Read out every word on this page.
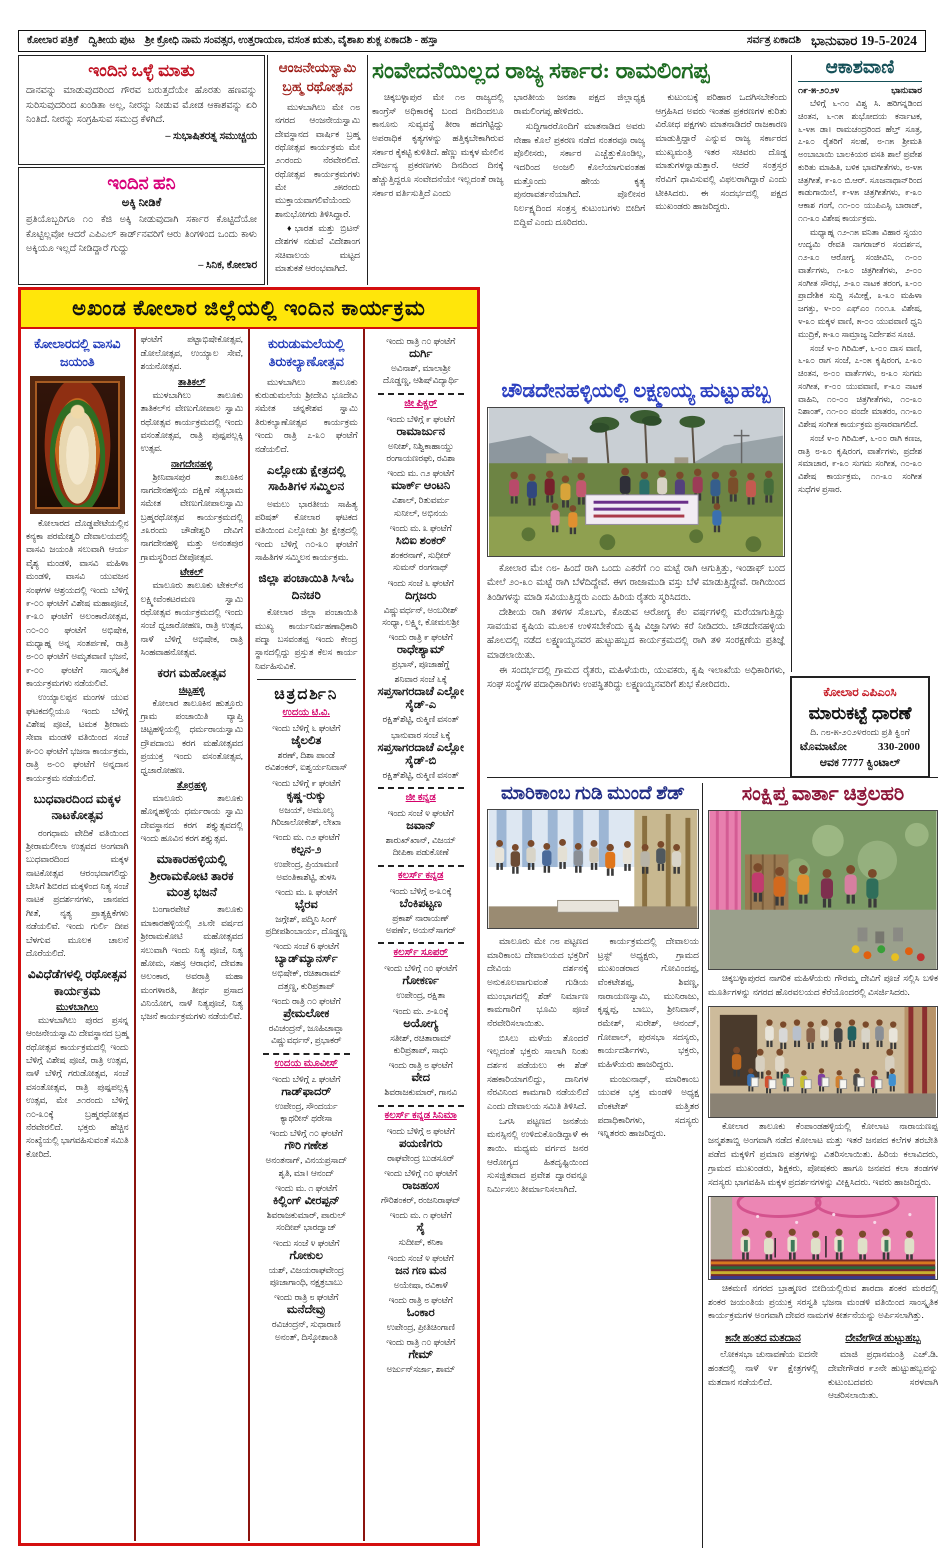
ಕೋಲಾರ ಪತ್ರಿಕೆ ದ್ವಿತೀಯ ಪುಟ ಶ್ರೀ ಕ್ರೋಧಿ ನಾಮ ಸಂವತ್ಸರ, ಉತ್ತರಾಯಣ, ವಸಂತ ಋತು, ವೈಶಾಖ ಶುಕ್ಲ ಏಕಾದಶಿ - ಹಸ್ತಾ	ಸರ್ವತ್ರ ಏಕಾದಶಿ ಭಾನುವಾರ 19-5-2024
ಇಂದಿನ ಒಳ್ಳೆ ಮಾತು
ದಾನವನ್ನು ಮಾಡುವುದರಿಂದ ಗೌರವ ಬರುತ್ತದೆಯೇ ಹೊರತು ಹಣವನ್ನು ಸುರಿಸುವುದರಿಂದ ಖಂಡಿತಾ ಅಲ್ಲ, ನೀರನ್ನು ನೀಡುವ ಮೋಡ ಆಕಾಶವನ್ನು ಏರಿ ನಿಂತಿದೆ. ನೀರನ್ನು ಸಂಗ್ರಹಿಸುವ ಸಮುದ್ರ ಕೆಳಗಿದೆ.
– ಸುಭಾಷಿತರತ್ನ ಸಮುಚ್ಚಯ
ಇಂದಿನ ಹನಿ
ಅಕ್ಕಿ ನೀಡಿಕೆ
ಪ್ರತಿಯೊಬ್ಬರಿಗೂ ೧೦ ಕೆಜಿ ಅಕ್ಕಿ ನೀಡುವುದಾಗಿ ಸರ್ಕಾರ ಕೊಟ್ಟಿದೆಯೋ ಕೊಟ್ಟಿಲ್ಲವೋ ಆದರೆ ಎಪಿಎಲ್ ಕಾರ್ಡ್‌ನವರಿಗೆ ಆರು ತಿಂಗಳಿಂದ ಒಂದು ಕಾಳು ಅಕ್ಕಿಯೂ ಇಲ್ಲದೆ ನೀಡಿದ್ದಾರೆ ಗುದ್ದು
– ಸಿನಿಕ, ಕೋಲಾರ
ಆಂಜನೇಯಸ್ವಾಮಿ ಬ್ರಹ್ಮ ರಥೋತ್ಸವ
ಮುಳಬಾಗಿಲು ಮೇ ೧೮ ನಗರದ ಆಂಜನೇಯಸ್ವಾಮಿ ದೇವಸ್ಥಾನದ ವಾರ್ಷಿಕ ಬ್ರಹ್ಮ ರಥೋತ್ಸವ ಕಾರ್ಯಕ್ರಮ ಮೇ ೨೧ರಂದು ನೆರವೇರಲಿದೆ. ರಥೋತ್ಸವ ಕಾರ್ಯಕ್ರಮಗಳು ಮೇ ೨೫ರಂದು ಮುಕ್ತಾಯವಾಗಲಿವೆಯೆಂದು ಶಾನುಭೋಗರು ತಿಳಿಸಿದ್ದಾರೆ.
♦ಭಾರತ ಮತ್ತು ಬ್ರಿಟನ್ ದೇಶಗಳ ನಡುವೆ ವಿದೇಶಾಂಗ ಸಚಿವಾಲಯ ಮಟ್ಟದ ಮಾತುಕತೆ ಆರಂಭವಾಗಿದೆ.
ಸಂವೇದನೆಯಿಲ್ಲದ ರಾಜ್ಯ ಸರ್ಕಾರ: ರಾಮಲಿಂಗಪ್ಪ
ಚಿಕ್ಕಬಳ್ಳಾಪುರ ಮೇ ೧೮ ರಾಜ್ಯದಲ್ಲಿ ಕಾಂಗ್ರೆಸ್ ಅಧಿಕಾರಕ್ಕೆ ಬಂದ ದಿನದಿಂದಲೂ ಕಾನೂನು ಸುವ್ಯವಸ್ಥೆ ತೀರಾ ಹದಗೆಟ್ಟಿದ್ದು ಅಪರಾಧಿಕ ಕೃತ್ಯಗಳನ್ನು ಹತ್ತಿಕ್ಕಬೇಕಾಗಿರುವ ಸರ್ಕಾರ ಕೈಕಟ್ಟಿ ಕುಳಿತಿದೆ. ಹೆಣ್ಣು ಮಕ್ಕಳ ಮೇಲಿನ ದೌರ್ಜನ್ಯ ಪ್ರಕರಣಗಳು ದಿನದಿಂದ ದಿನಕ್ಕೆ ಹೆಚ್ಚುತ್ತಿದ್ದರೂ ಸಂವೇದನೆಯೇ ಇಲ್ಲದಂತೆ ರಾಜ್ಯ ಸರ್ಕಾರ ವರ್ತಿಸುತ್ತಿದೆ ಎಂದು
ಭಾರತೀಯ ಜನತಾ ಪಕ್ಷದ ಜಿಲ್ಲಾಧ್ಯಕ್ಷ ರಾಮಲಿಂಗಪ್ಪ ಹೇಳಿದರು.
ಸುದ್ದಿಗಾರರೊಂದಿಗೆ ಮಾತನಾಡಿದ ಅವರು ನೇಹಾ ಕೊಲೆ ಪ್ರಕರಣ ನಡೆದ ನಂತರವೂ ರಾಜ್ಯ ಪೊಲೀಸರು, ಸರ್ಕಾರ ಎಚ್ಚೆತ್ತುಕೊಂಡಿಲ್ಲ, ಇದರಿಂದ ಅಂಜಲಿ ಕೊಲೆಯಾಗುವಂತಹ ಮತ್ತೊಂದು ಹೇಯ ಕೃತ್ಯ ಪುನರಾವರ್ತನೆಯಾಗಿದೆ. ಪೊಲೀಸರ ನಿರ್ಲಕ್ಷ್ಯದಿಂದ ಸಂತ್ರಸ್ತ ಕುಟುಂಬಗಳು ಬೀದಿಗೆ ಬಿದ್ದಿವೆ ಎಂದು ದೂರಿದರು.
ಕುಟುಂಬಕ್ಕೆ ಪರಿಹಾರ ಒದಗಿಸಬೇಕೆಂದು ಆಗ್ರಹಿಸಿದ ಅವರು ಇಂತಹ ಪ್ರಕರಣಗಳ ಕುರಿತು ವಿರೋಧ ಪಕ್ಷಗಳು ಮಾತನಾಡಿದರೆ ರಾಜಕಾರಣ ಮಾಡುತ್ತಿದ್ದಾರೆ ಎನ್ನುವ ರಾಜ್ಯ ಸರ್ಕಾರದ ಮುಖ್ಯಮಂತ್ರಿ ಇತರ ಸಚಿವರು ದೊಡ್ಡ ಮಾತುಗಳನ್ನಾಡುತ್ತಾರೆ. ಆದರೆ ಸಂತ್ರಸ್ತರ ನೆರವಿಗೆ ಧಾವಿಸುವಲ್ಲಿ ವಿಫಲರಾಗಿದ್ದಾರೆ ಎಂದು ಟೀಕಿಸಿದರು. ಈ ಸಂದರ್ಭದಲ್ಲಿ ಪಕ್ಷದ ಮುಖಂಡರು ಹಾಜರಿದ್ದರು.
ಆಕಾಶವಾಣಿ
೧೯-೫-೨೦೨೪	ಭಾನುವಾರ
ಬೆಳಿಗ್ಗೆ ೬-೧೦ ವಿಶ್ವ ಸಿ. ಹರಿಗನ್ನಡಿಂದ ಚಿಂತನ, ೬-೧೫ ಶುಭೋದಯ ಕರ್ನಾಟಕ, ೬-೪೫ ಡಾ। ರಾಮಚಂದ್ರರಿಂದ ಹೆಲ್ತ್ ಸೂತ್ರ, ೭-೩೦ ರೈತರಿಗೆ ಸಲಹೆ, ೮-೧೫ ಶ್ರೀಮತಿ ಅಂಬಾಬಾಯಿ ಬಾಲಕಿಯರ ವಸತಿ ಶಾಲೆ ಪ್ರವೇಶ ಕುರಿತು ಮಾಹಿತಿ, ಬಳಿಕ ಭಾವಗೀತೆಗಳು, ೮-೪೫ ಚಿತ್ರಗೀತೆ, ೯-೩೦ ಬಿ.ಆರ್. ಸೂಜನಾಥಾನ್‌ರಿಂದ ಕಾಡುಗಾಯಿಲೆ, ೯-೪೫ ಚಿತ್ರಗೀತೆಗಳು, ೯-೩೦ ಆಕಾಶ ಗಂಗೆ, ೧೧-೦೦ ಯುಪಿಎಸ್ಸಿ ಬಾರಾಜ್, ೧೧-೩೦ ವಿಶೇಷ ಕಾರ್ಯಕ್ರಮ.
ಮಧ್ಯಾಹ್ನ ೧೨-೧೫ ವನಿತಾ ವಿಹಾರ ಸ್ವಯಂ ಉದ್ಯಮಿ ರೇವತಿ ನಾಗರಾಜ್‌ರ ಸಂದರ್ಶನ, ೧೨-೩೦ ಆರೋಗ್ಯ ಸಂಜೀವಿನಿ, ೧-೦೦ ವಾರ್ತೆಗಳು, ೧-೩೦ ಚಿತ್ರಗೀತೆಗಳು, ೨-೦೦ ಸಂಗೀತ ಸೌರಭ, ೨-೩೦ ನಾಟಕ ತರಂಗ, ೩-೦೦ ಪ್ರಾದೇಶಿಕ ಸುದ್ದಿ ಸಮೀಕ್ಷೆ, ೩-೩೦ ಮಹಿಳಾ ಜಗತ್ತು, ೪-೦೦ ಎಫ್ಎಂ ೧೦೧.೩ ವಿಶೇಷ, ೪-೩೦ ಮಕ್ಕಳ ವಾಣಿ, ೫-೦೦ ಯುವವಾಣಿ ಧ್ವನಿ ಮುದ್ರಿಕೆ, ೫-೩೦ ಸಾಮ್ರಾಜ್ಯ ನಿರ್ದೇಶನ ಸೂಚಿ.
ಸಂಜೆ ೪-೦ ಗಿರಿಮಿಕ್, ೬-೦೦ ದಾಸ ವಾಣಿ, ೬-೩೦ ರಾಗ ಸಂಜೆ, ೭-೦೫ ಕೃಷಿರಂಗ, ೭-೩೦ ಚಿಂತನ, ೮-೦೦ ವಾರ್ತೆಗಳು, ೮-೩೦ ಸುಗಮ ಸಂಗೀತ, ೯-೦೦ ಯುವವಾಣಿ, ೯-೩೦ ನಾಟಕ ವಾಹಿನಿ, ೧೦-೦೦ ಚಿತ್ರಗೀತೆಗಳು, ೧೦-೩೦ ನಿಶಾಂತ್, ೧೧-೦೦ ವಂದೇ ಮಾತರಂ, ೧೧-೩೦ ವಿಶೇಷ ಸಂಗೀತ ಕಾರ್ಯಕ್ರಮ ಪ್ರಸಾರವಾಗಲಿದೆ.
ಸಂಜೆ ೪-೦ ಗಿರಿಮಿಕ್, ೬-೦೦ ರಾಗಿ ಕಣಜ, ರಾತ್ರಿ ೮-೩೦ ಕೃಷಿರಂಗ, ವಾರ್ತೆಗಳು, ಪ್ರದೇಶ ಸಮಾಚಾರ, ೯-೩೦ ಸುಗಮ ಸಂಗೀತ, ೧೦-೩೦ ವಿಶೇಷ ಕಾರ್ಯಕ್ರಮ, ೧೧-೩೦ ಸಂಗೀತ ಸುಧೆಗಳ ಪ್ರಸಾರ.
ಕೋಲಾರ ಎಪಿಎಂಸಿ
ಮಾರುಕಟ್ಟೆ ಧಾರಣೆ
ದಿ. ೧೮-೫-೨೦೨೪ರಂದು ಪ್ರತಿ ಕ್ವಿಂಗೆ
ಟೊಮಾಟೋ	330-2000
ಆವಕ 7777 ಕ್ವಿಂಟಾಲ್
ಅಖಂಡ ಕೋಲಾರ ಜಿಲ್ಲೆಯಲ್ಲಿ ಇಂದಿನ ಕಾರ್ಯಕ್ರಮ
ಕೋಲಾರದಲ್ಲಿ ವಾಸವಿ ಜಯಂತಿ
ಕೋಲಾರದ ದೊಡ್ಡಪೇಟೆಯಲ್ಲಿನ ಕನ್ಯಕಾ ಪರಮೇಶ್ವರಿ ದೇವಾಲಯದಲ್ಲಿ ವಾಸವಿ ಜಯಂತಿ ಸಲುವಾಗಿ ಆರ್ಯ ವೈಶ್ಯ ಮಂಡಳಿ, ವಾಸವಿ ಮಹಿಳಾ ಮಂಡಳಿ, ವಾಸವಿ ಯುವಜನ ಸಂಘಗಳ ಆಶ್ರಯದಲ್ಲಿ ಇಂದು ಬೆಳಿಗ್ಗೆ ೯-೦೦ ಘಂಟೆಗೆ ವಿಶೇಷ ಮಹಾಪೂಜೆ, ೯-೩೦ ಘಂಟೆಗೆ ಅಲಂಕಾರೋತ್ಸವ, ೧೦-೦೦ ಘಂಟೆಗೆ ಅಭಿಷೇಕ, ಮಧ್ಯಾಹ್ನ ಅನ್ನ ಸಂತರ್ಪಣೆ, ರಾತ್ರಿ ೮-೦೦ ಘಂಟೆಗೆ ಅಮೃತವಾಣಿ ಭಜನೆ, ೯-೦೦ ಘಂಟೆಗೆ ಸಾಂಸ್ಕೃತಿಕ ಕಾರ್ಯಕ್ರಮಗಳು ನಡೆಯಲಿವೆ.
ಉಯ್ಯಾಲಪ್ಪನ ಮಂಗಳ ಯುವ ಘಟಕದಲ್ಲಿಯೂ ಇಂದು ಬೆಳಿಗ್ಗೆ ವಿಶೇಷ ಪೂಜೆ, ಟಮಕ ಶ್ರೀರಾಮ ಸೇವಾ ಮಂಡಳಿ ವತಿಯಿಂದ ಸಂಜೆ ೫-೦೦ ಘಂಟೆಗೆ ಭಜನಾ ಕಾರ್ಯಕ್ರಮ, ರಾತ್ರಿ ೮-೦೦ ಘಂಟೆಗೆ ಅನ್ನದಾನ ಕಾರ್ಯಕ್ರಮ ನಡೆಯಲಿದೆ.
ಬುಧವಾರದಿಂದ ಮಕ್ಕಳ ನಾಟಕೋತ್ಸವ
ರಂಗಧಾಮ ವೇದಿಕೆ ವತಿಯಿಂದ ಶ್ರೀರಾಮಲೀಲಾ ಉತ್ಸವದ ಅಂಗವಾಗಿ ಬುಧವಾರದಿಂದ ಮಕ್ಕಳ ನಾಟಕೋತ್ಸವ ಆರಂಭವಾಗಲಿದ್ದು ಬೇಸಿಗೆ ಶಿಬಿರದ ಮಕ್ಕಳಿಂದ ನಿತ್ಯ ಸಂಜೆ ನಾಟಕ ಪ್ರದರ್ಶನಗಳು, ಜಾನಪದ ಗೀತೆ, ನೃತ್ಯ ಪ್ರಾತ್ಯಕ್ಷಿಕೆಗಳು ನಡೆಯಲಿವೆ. ಇಂದು ಗುರ್ಲಿ ದೀಪ ಬೆಳಗುವ ಮೂಲಕ ಚಾಲನೆ ದೊರೆಯಲಿದೆ.
ವಿವಿಧೆಡೆಗಳಲ್ಲಿ ರಥೋತ್ಸವ ಕಾರ್ಯಕ್ರಮ
ಮುಳಬಾಗಿಲು
ಮುಳಬಾಗಿಲು ಪುರದ ಪ್ರಸನ್ನ ಆಂಜನೇಯಸ್ವಾಮಿ ದೇವಸ್ಥಾನದ ಬ್ರಹ್ಮ ರಥೋತ್ಸವ ಕಾರ್ಯಕ್ರಮದಲ್ಲಿ ಇಂದು ಬೆಳಿಗ್ಗೆ ವಿಶೇಷ ಪೂಜೆ, ರಾತ್ರಿ ಉತ್ಸವ, ನಾಳೆ ಬೆಳಿಗ್ಗೆ ಗರುಡೋತ್ಸವ, ಸಂಜೆ ವಸಂತೋತ್ಸವ, ರಾತ್ರಿ ಪುಷ್ಪಪಲ್ಲಕ್ಕಿ ಉತ್ಸವ, ಮೇ ೨೧ರಂದು ಬೆಳಿಗ್ಗೆ ೧೦-೩೦ಕ್ಕೆ ಬ್ರಹ್ಮರಥೋತ್ಸವ ನೆರವೇರಲಿದೆ. ಭಕ್ತರು ಹೆಚ್ಚಿನ ಸಂಖ್ಯೆಯಲ್ಲಿ ಭಾಗವಹಿಸುವಂತೆ ಸಮಿತಿ ಕೋರಿದೆ.
ಘಂಟೆಗೆ ಪಟ್ಟಾಭಿಷೇಕೋತ್ಸವ, ಡೋಲೋತ್ಸವ, ಉಯ್ಯಾಲ ಸೇವೆ, ಶಯನೋತ್ಸವ.
ತಾತಿಕಲ್
ಮುಳಬಾಗಿಲು ತಾಲೂಕು ತಾತಿಕಲ್‌ನ ವೇಣುಗೋಪಾಲ ಸ್ವಾಮಿ ರಥೋತ್ಸವ ಕಾರ್ಯಕ್ರಮದಲ್ಲಿ ಇಂದು ವಸಂತೋತ್ಸವ, ರಾತ್ರಿ ಪುಷ್ಪಪಲ್ಲಕ್ಕಿ ಉತ್ಸವ.
ನಾಗದೇನಹಳ್ಳಿ
ಶ್ರೀನಿವಾಸಪುರ ತಾಲೂಕಿನ ನಾಗದೇನಹಳ್ಳಿಯ ದಕ್ಷಿಣೆ ಸತ್ಯಭಾಮ ಸಮೇತ ವೇಣುಗೋಪಾಲಸ್ವಾಮಿ ಬ್ರಹ್ಮರಥೋತ್ಸವ ಕಾರ್ಯಕ್ರಮದಲ್ಲಿ ೨೩ರಂದು ಚೌಡೇಶ್ವರಿ ದೇವಿಗೆ ನಾಗದೇನಹಳ್ಳಿ ಮತ್ತು ಅನಂತಪುರ ಗ್ರಾಮಸ್ಥರಿಂದ ದೀಪೋತ್ಸವ.
ಟೇಕಲ್
ಮಾಲೂರು ತಾಲೂಕು ಟೇಕಲ್‌ನ ಲಕ್ಷ್ಮೀವೆಂಕಟರಮಣ ಸ್ವಾಮಿ ರಥೋತ್ಸವ ಕಾರ್ಯಕ್ರಮದಲ್ಲಿ ಇಂದು ಸಂಜೆ ಧ್ವಜಾರೋಹಣ, ರಾತ್ರಿ ಉತ್ಸವ, ನಾಳೆ ಬೆಳಿಗ್ಗೆ ಅಭಿಷೇಕ, ರಾತ್ರಿ ಸಿಂಹವಾಹನೋತ್ಸವ.
ಕರಗ ಮಹೋತ್ಸವ
ಚಿಟ್ಟಹಳ್ಳಿ
ಕೋಲಾರ ತಾಲೂಕಿನ ಹುತ್ತೂರು ಗ್ರಾಮ ಪಂಚಾಯಿತಿ ವ್ಯಾಪ್ತಿ ಚಿಟ್ಟಹಳ್ಳಿಯಲ್ಲಿ ಧರ್ಮರಾಯಸ್ವಾಮಿ ದ್ರೌಪದಾಂಬ ಕರಗ ಮಹೋತ್ಸವದ ಪ್ರಯುಕ್ತ ಇಂದು ವಸಂತೋತ್ಸವ, ಧ್ವಜಾರೋಹಣ.
ತೊರ್ರಹಳ್ಳಿ
ಮಾಲೂರು ತಾಲೂಕು ಹೊನ್ನಹಳ್ಳಿಯ ಧರ್ಮರಾಯ ಸ್ವಾಮಿ ದೇವಸ್ಥಾನದ ಕರಗ ಶಕ್ತ್ಯುತ್ಸವದಲ್ಲಿ ಇಂದು ಹೂವಿನ ಕರಗ ಶಕ್ತ್ಯುತ್ಸವ.
ಮಾಕಾರಹಳ್ಳಿಯಲ್ಲಿ ಶ್ರೀರಾಮಕೋಟಿ ತಾರಕ ಮಂತ್ರ ಭಜನೆ
ಬಂಗಾರಪೇಟೆ ತಾಲೂಕು ಮಾಕಾರಹಳ್ಳಿಯಲ್ಲಿ ೨೬ನೇ ವರ್ಷದ ಶ್ರೀರಾಮಕೋಟಿ ಮಹೋತ್ಸವದ ಸಲುವಾಗಿ ಇಂದು ನಿತ್ಯ ಪೂಜೆ, ನಿತ್ಯ ಹೋಮ, ಸಹಸ್ರ ಆರಾಧನೆ, ದೇವತಾ ಅಲಂಕಾರ, ಅವರಾತ್ರಿ ಮಹಾ ಮಂಗಳಾರತಿ, ತೀರ್ಥ ಪ್ರಸಾದ ವಿನಿಯೋಗ, ನಾಳೆ ನಿತ್ಯಪೂಜೆ, ನಿತ್ಯ ಭಜನೆ ಕಾರ್ಯಕ್ರಮಗಳು ನಡೆಯಲಿವೆ.
ಕುರುಡುಮಲೆಯಲ್ಲಿ ತಿರುಕಲ್ಯಾಣೋತ್ಸವ
ಮುಳಬಾಗಿಲು ತಾಲೂಕು ಕುರುಡುಮಲೆಯ ಶ್ರೀದೇವಿ ಭೂದೇವಿ ಸಮೇತ ಚನ್ನಕೇಶವ ಸ್ವಾಮಿ ತಿರುಕಲ್ಯಾಣೋತ್ಸವ ಕಾರ್ಯಕ್ರಮ ಇಂದು ರಾತ್ರಿ ೭-೩೦ ಘಂಟೆಗೆ ನಡೆಯಲಿದೆ.
ಎಲ್ಲೋಡು ಕ್ಷೇತ್ರದಲ್ಲಿ ಸಾಹಿತಿಗಳ ಸಮ್ಮಿಲನ
ಅಮಲು ಭಾರತೀಯ ಸಾಹಿತ್ಯ ಪರಿಷತ್ ಕೋಲಾರ ಘಟಕದ ವತಿಯಿಂದ ಎಲ್ಲೋಡು ಶ್ರೀ ಕ್ಷೇತ್ರದಲ್ಲಿ ಇಂದು ಬೆಳಿಗ್ಗೆ ೧೦-೩೦ ಘಂಟೆಗೆ ಸಾಹಿತಿಗಳ ಸಮ್ಮಿಲನ ಕಾರ್ಯಕ್ರಮ.
ಜಿಲ್ಲಾ ಪಂಚಾಯಿತಿ ಸಿಇಓ ದಿನಚರಿ
ಕೋಲಾರ ಜಿಲ್ಲಾ ಪಂಚಾಯಿತಿ ಮುಖ್ಯ ಕಾರ್ಯನಿರ್ವಹಣಾಧಿಕಾರಿ ಪದ್ಮಾ ಬಸವಂತಪ್ಪ ಇಂದು ಕೇಂದ್ರ ಸ್ಥಾನದಲ್ಲಿದ್ದು ಪ್ರಸ್ತುತ ಕೆಲಸ ಕಾರ್ಯ ನಿರ್ವಹಿಸುವಿಕೆ.
ಚಿತ್ರದರ್ಶಿನಿ
ಉದಯ ಟಿ.ವಿ.
ಇಂದು ಬೆಳಿಗ್ಗೆ ೬ ಘಂಟೆಗೆ
ಜೈಲಲಿತ
ಶರಣ್, ದಿಶಾ ಪಾಂಡೆ
ರವಿಶಂಕರ್, ಐಶ್ವರ್ಯನಿವಾಸ್
ಇಂದು ಬೆಳಿಗ್ಗೆ ೯ ಘಂಟೆಗೆ
ಕೃಷ್ಣ-ರುಕ್ಕು
ಅಜಯ್, ಅಮೂಲ್ಯ
ಗಿರಿಜಾಲೋಕೇಶ್, ಲೇಖಾ
ಇಂದು ಮ. ೧೨ ಘಂಟೆಗೆ
ಕಲ್ಪನ-೨
ಉಪೇಂದ್ರ, ಪ್ರಿಯಾಮಣಿ
ಅವಂತಿಕಾಶೆಟ್ಟಿ, ತುಳಸಿ
ಇಂದು ಮ. ೩ ಘಂಟೆಗೆ
ಭೈರವ
ಜಗ್ಗೇಶ್, ಪದ್ಮಿನಿ ಸಿಂಗ್
ಪ್ರದೀಪಶಿಂಬಾರ್ಯ, ದೊಡ್ಡಣ್ಣ
ಇಂದು ಸಂಜೆ 6 ಘಂಟೆಗೆ
ಬ್ಯಾಡ್‌ಮ್ಯಾನರ್ಸ್
ಅಭಿಷೇಕ್, ರಚಿತಾರಾಮ್
ದತ್ತಣ್ಣ, ಕುರಿಪ್ರತಾಪ್
ಇಂದು ರಾತ್ರಿ ೧೦ ಘಂಟೆಗೆ
ಪ್ರೇಮಲೋಕ
ರವಿಚಂದ್ರನ್, ಜೂಹಿಚಾವ್ಲಾ
ವಿಷ್ಣುವರ್ಧನ್, ಪ್ರಭಾಕರ್
ಉದಯ ಮೂವೀಸ್
ಇಂದು ಬೆಳಿಗ್ಗೆ ೭ ಘಂಟೆಗೆ
ಗಾಡ್‌ಫಾದರ್
ಉಪೇಂದ್ರ, ಸೌಂದರ್ಯ
ಕ್ಯಾಥರೀನ್ ಥರೇಸಾ
ಇಂದು ಬೆಳಿಗ್ಗೆ ೧೦ ಘಂಟೆಗೆ
ಗೌರಿ ಗಣೇಶ
ಅನಂತನಾಗ್, ವಿನಯಪ್ರಸಾದ್
ಶೃತಿ, ಮಾ। ಆನಂದ್
ಇಂದು ಮ. ೧ ಘಂಟೆಗೆ
ಕಿಲ್ಲಿಂಗ್ ವೀರಪ್ಪನ್
ಶಿವರಾಜಕುಮಾರ್, ಪಾರುಲ್
ಸಂದೀಪ್ ಭಾರದ್ವಾಜ್
ಇಂದು ಸಂಜೆ ೪ ಘಂಟೆಗೆ
ಗೋಕುಲ
ಯಶ್, ವಿಜಯರಾಘವೇಂದ್ರ
ಪೂಜಾಗಾಂಧಿ, ನಕ್ಷತ್ರಬಾಬು
ಇಂದು ರಾತ್ರಿ ೮ ಘಂಟೆಗೆ
ಮನೆದೇವ್ರು
ರವಿಚಂದ್ರನ್, ಸುಧಾರಾಣಿ
ಅನಂತ್, ದಿಸ್ಕೋಶಾಂತಿ
ಇಂದು ರಾತ್ರಿ ೧೦ ಘಂಟೆಗೆ
ದುರ್ಗಿ
ಅವಿನಾಶ್, ಮಾಲಾಶ್ರೀ
ದೊಡ್ಡಣ್ಣ, ಆಶಿಷ್‌ವಿದ್ಯಾರ್ಥಿ
ಜೀ ಪಿಕ್ಚರ್
ಇಂದು ಬೆಳಿಗ್ಗೆ ೯ ಘಂಟೆಗೆ
ರಾಮಾರ್ಜುನ
ಅನೀಶ್, ನಿಶ್ವಿಕಾಹಾಯ್ದು
ರಂಗಾಯಣರಘು, ರವಿಶಾ
ಇಂದು ಮ. ೧೨ ಘಂಟೆಗೆ
ಮಾರ್ಕ್ ಆಂಟನಿ
ವಿಶಾಲ್, ರಿತುವರ್ಮ
ಸುನೀಲ್, ಅಭಿನಯ
ಇಂದು ಮ. ೩ ಘಂಟೆಗೆ
ಸಿಬಿಐ ಶಂಕರ್
ಶಂಕರನಾಗ್, ಸುಧೀರ್
ಸುಮನ್ ರಂಗನಾಥ್
ಇಂದು ಸಂಜೆ ೬ ಘಂಟೆಗೆ
ದಿಗ್ಗಜರು
ವಿಷ್ಣುವರ್ಧನ್, ಅಂಬರೀಶ್
ಸಂಧ್ಯಾ, ಲಕ್ಷ್ಮೀ, ಕೋಮಲಶ್ರೀ
ಇಂದು ರಾತ್ರಿ ೯ ಘಂಟೆಗೆ
ರಾಧೇಶ್ಯಾಮ್
ಪ್ರಭಾಸ್, ಪೂಜಾಹೆಗ್ಡೆ
ಶನಿವಾರ ಸಂಜೆ ೬ಕ್ಕೆ
ಸಪ್ತಸಾಗರದಾಚೆ ಎಲ್ಲೋ ಸೈಡ್-ಎ
ರಕ್ಷಿತ್‌ಶೆಟ್ಟಿ, ರುಕ್ಮಿಣಿ ವಸಂತ್
ಭಾನುವಾರ ಸಂಜೆ ೬ಕ್ಕೆ
ಸಪ್ತಸಾಗರದಾಚೆ ಎಲ್ಲೋ ಸೈಡ್-ಬಿ
ರಕ್ಷಿತ್‌ಶೆಟ್ಟಿ, ರುಕ್ಮಿಣಿ ವಸಂತ್
ಜೀ ಕನ್ನಡ
ಇಂದು ಸಂಜೆ ೪ ಘಂಟೆಗೆ
ಜವಾನ್
ಶಾರುಖ್‌ಖಾನ್, ವಿಜಯ್
ದೀಪಿಕಾ ಪಡುಕೋಣೆ
ಕಲರ್ಸ್ ಕನ್ನಡ
ಇಂದು ಬೆಳಿಗ್ಗೆ ೮-೩೦ಕ್ಕೆ
ಬೆಂಕಿಪಟ್ಟಣ
ಪ್ರಕಾಶ್ ನಾರಾಯಣ್
ಅಪರ್ಣೆ, ಅಯನ್‌ಸಾಗರ್
ಕಲರ್ಸ್ ಸೂಪರ್
ಇಂದು ಬೆಳಿಗ್ಗೆ ೧೦ ಘಂಟೆಗೆ
ಗೋಕರ್ಣ
ಉಪೇಂದ್ರ, ರಕ್ಷಿತಾ
ಇಂದು ಮ. ೨-೩೦ಕ್ಕೆ
ಅಯೋಗ್ಯ
ಸತೀಶ್, ರಚಿತಾರಾಮ್
ಕುರಿಪ್ರತಾಪ್, ಸಾಧು
ಇಂದು ರಾತ್ರಿ ೮ ಘಂಟೆಗೆ
ವೇದ
ಶಿವರಾಜಕುಮಾರ್, ಗಾನವಿ
ಕಲರ್ಸ್ ಕನ್ನಡ ಸಿನಿಮಾ
ಇಂದು ಬೆಳಿಗ್ಗೆ ೮ ಘಂಟೆಗೆ
ಪಯಣಿಗರು
ರಾಘವೇಂದ್ರ ಬುಡಸೂರ್
ಇಂದು ಬೆಳಿಗ್ಗೆ ೧೦ ಘಂಟೆಗೆ
ರಾಜಹಂಸ
ಗೌರಿಶಂಕರ್, ರಂಜನಿರಾಘವ್
ಇಂದು ಮ. ೧ ಘಂಟೆಗೆ
ಸೈ
ಸುದೀಪ್, ಕನಿಕಾ
ಇಂದು ಸಂಜೆ ೪ ಘಂಟೆಗೆ
ಜನ ಗಣ ಮನ
ಅಯೇಷಾ, ರವಿಕಾಳೆ
ಇಂದು ರಾತ್ರಿ ೮ ಘಂಟೆಗೆ
ಓಂಕಾರ
ಉಪೇಂದ್ರ, ಪ್ರೀತಿಚಿಂಗಾಣಿ
ಇಂದು ರಾತ್ರಿ ೧೦ ಘಂಟೆಗೆ
ಗೇಮ್
ಅರ್ಜುನ್‌ಸರ್ಜಾ, ಶಾಮ್
ಚೌಡದೇನಹಳ್ಳಿಯಲ್ಲಿ ಲಕ್ಷ್ಮಣಯ್ಯ ಹುಟ್ಟುಹಬ್ಬ
ಕೋಲಾರ ಮೇ ೧೮- ಹಿಂದೆ ರಾಗಿ ಒಂದು ಎಕರೆಗೆ ೧೦ ಮಟ್ಟೆ ರಾಗಿ ಆಗುತ್ತಿತ್ತು, ಇಂಡಾಫ್ ಬಂದ ಮೇಲೆ ೨೦-೩೦ ಮಟ್ಟೆ ರಾಗಿ ಬೆಳೆದಿದ್ದೇವೆ. ಈಗ ರಾಜಾಮುಡಿ ವಸ್ತು ಬೆಳೆ ಮಾಡುತ್ತಿದ್ದೇವೆ. ರಾಗಿಯಿಂದ ತಿಂಡಿಗಳನ್ನು ಮಾಡಿ ಸವಿಯುತ್ತಿದ್ದರು ಎಂದು ಹಿರಿಯ ರೈತರು ಸ್ಮರಿಸಿದರು.
ದೇಶೀಯ ರಾಗಿ ತಳಿಗಳ ಸೊಬಗು, ಕೊಡುವ ಆರೋಗ್ಯ ಕೆಲ ವರ್ಷಗಳಲ್ಲಿ ಮರೆಯಾಗುತ್ತಿದ್ದು ಸಾವಯವ ಕೃಷಿಯ ಮೂಲಕ ಉಳಿಸಬೇಕೆಂದು ಕೃಷಿ ವಿಜ್ಞಾನಿಗಳು ಕರೆ ನೀಡಿದರು. ಚೌಡದೇನಹಳ್ಳಿಯ ಹೊಲದಲ್ಲಿ ನಡೆದ ಲಕ್ಷ್ಮಣಯ್ಯನವರ ಹುಟ್ಟುಹಬ್ಬದ ಕಾರ್ಯಕ್ರಮದಲ್ಲಿ ರಾಗಿ ತಳಿ ಸಂರಕ್ಷಣೆಯ ಪ್ರತಿಜ್ಞೆ ಮಾಡಲಾಯಿತು.
ಈ ಸಂದರ್ಭದಲ್ಲಿ ಗ್ರಾಮದ ರೈತರು, ಮಹಿಳೆಯರು, ಯುವಕರು, ಕೃಷಿ ಇಲಾಖೆಯ ಅಧಿಕಾರಿಗಳು, ಸಂಘ ಸಂಸ್ಥೆಗಳ ಪದಾಧಿಕಾರಿಗಳು ಉಪಸ್ಥಿತರಿದ್ದು ಲಕ್ಷ್ಮಣಯ್ಯನವರಿಗೆ ಶುಭ ಕೋರಿದರು.
ಮಾರಿಕಾಂಬ ಗುಡಿ ಮುಂದೆ ಶೆಡ್
ಮಾಲೂರು ಮೇ ೧೮ ಪಟ್ಟಣದ ಮಾರಿಕಾಂಬ ದೇವಾಲಯದ ಭಕ್ತರಿಗೆ ದೇವಿಯ ದರ್ಶನಕ್ಕೆ ಅನುಕೂಲವಾಗುವಂತೆ ಗುಡಿಯ ಮುಂಭಾಗದಲ್ಲಿ ಶೆಡ್ ನಿರ್ಮಾಣ ಕಾಮಗಾರಿಗೆ ಭೂಮಿ ಪೂಜೆ ನೆರವೇರಿಸಲಾಯಿತು.
ಬಿಸಿಲು ಮಳೆಯ ತೊಂದರೆ ಇಲ್ಲದಂತೆ ಭಕ್ತರು ಸಾಲಾಗಿ ನಿಂತು ದರ್ಶನ ಪಡೆಯಲು ಈ ಶೆಡ್ ಸಹಕಾರಿಯಾಗಲಿದ್ದು, ದಾನಿಗಳ ನೆರವಿನಿಂದ ಕಾಮಗಾರಿ ನಡೆಯಲಿದೆ ಎಂದು ದೇವಾಲಯ ಸಮಿತಿ ತಿಳಿಸಿದೆ.
ಒಗಸಿ ಪಟ್ಟಣದ ಜನತೆಯ ಮನಸ್ಸಿನಲ್ಲಿ ಉಳಿದುಕೊಂಡಿದ್ದಾಳೆ ಈ ತಾಯಿ. ಮಧ್ಯಮ ವರ್ಗದ ಜನರ ಆರೋಗ್ಯದ ಹಿತದೃಷ್ಟಿಯಿಂದ ಸುಸಜ್ಜಿತವಾದ ಪ್ರವೇಶ ದ್ವಾರವನ್ನೂ ನಿರ್ಮಿಸಲು ತೀರ್ಮಾನಿಸಲಾಗಿದೆ.
ಕಾರ್ಯಕ್ರಮದಲ್ಲಿ ದೇವಾಲಯ ಟ್ರಸ್ಟ್ ಅಧ್ಯಕ್ಷರು, ಗ್ರಾಮದ ಮುಖಂಡರಾದ ಗೋವಿಂದಪ್ಪ, ವೆಂಕಟೇಶಪ್ಪ, ಶಿವಣ್ಣ, ನಾರಾಯಣಸ್ವಾಮಿ, ಮುನಿರಾಜು, ಕೃಷ್ಣಪ್ಪ, ಬಾಬು, ಶ್ರೀನಿವಾಸ್, ರಮೇಶ್, ಸುರೇಶ್, ಆನಂದ್, ಗೋಪಾಲ್, ಪುರಸಭಾ ಸದಸ್ಯರು, ಕಾರ್ಯದರ್ಶಿಗಳು, ಭಕ್ತರು, ಮಹಿಳೆಯರು ಹಾಜರಿದ್ದರು.
ಮಂಜುನಾಥ್, ಮಾರಿಕಾಂಬ ಯುವಕ ಭಕ್ತ ಮಂಡಳಿ ಅಧ್ಯಕ್ಷ ವೆಂಕಟೇಶ್ ಮತ್ತಿತರ ಪದಾಧಿಕಾರಿಗಳು, ಸದಸ್ಯರು ಇನ್ನಿತರರು ಹಾಜರಿದ್ದರು.
ಸಂಕ್ಷಿಪ್ತ ವಾರ್ತಾ ಚಿತ್ರಲಹರಿ
ಚಿಕ್ಕಬಳ್ಳಾಪುರದ ನಾಗರಿಕ ಮಹಿಳೆಯರು ಗೌರಮ್ಮ ದೇವಿಗೆ ಪೂಜೆ ಸಲ್ಲಿಸಿ ಬಳಿಕ ಮೂರ್ತಿಗಳನ್ನು ನಗರದ ಹೊರವಲಯದ ಕೆರೆಯೊಂದರಲ್ಲಿ ವಿಸರ್ಜಿಸಿದರು.
ಕೋಲಾರ ತಾಲೂಕು ಕೆಂಪಾಂಡಹಳ್ಳಿಯಲ್ಲಿ ಕೋಲಾಟ ನಾರಾಯಣಪ್ಪ ಜನ್ಮಶತಾಬ್ದಿ ಅಂಗವಾಗಿ ನಡೆದ ಕೋಲಾಟ ಮತ್ತು ಇತರೆ ಜನಪದ ಕಲೆಗಳ ತರಬೇತಿ ಪಡೆದ ಮಕ್ಕಳಿಗೆ ಪ್ರಮಾಣ ಪತ್ರಗಳನ್ನು ವಿತರಿಸಲಾಯಿತು. ಹಿರಿಯ ಕಲಾವಿದರು, ಗ್ರಾಮದ ಮುಖಂಡರು, ಶಿಕ್ಷಕರು, ಪೋಷಕರು ಹಾಗೂ ಜನಪದ ಕಲಾ ತಂಡಗಳ ಸದಸ್ಯರು ಭಾಗವಹಿಸಿ ಮಕ್ಕಳ ಪ್ರದರ್ಶನಗಳನ್ನು ವೀಕ್ಷಿಸಿದರು. ಇವರು ಹಾಜರಿದ್ದರು.
ಚಿಕಮಣಿ ನಗರದ ಬ್ರಾಹ್ಮಣರ ಬೀದಿಯಲ್ಲಿರುವ ಶಾರದಾ ಶಂಕರ ಮಠದಲ್ಲಿ ಶಂಕರ ಜಯಂತಿಯ ಪ್ರಯುಕ್ತ ಸರಸ್ವತಿ ಭಜನಾ ಮಂಡಳಿ ವತಿಯಿಂದ ಸಾಂಸ್ಕೃತಿಕ ಕಾರ್ಯಕ್ರಮಗಳ ಅಂಗವಾಗಿ ದೇವರ ನಾಮಗಳ ಕೀರ್ತನೆಯನ್ನು ಅರ್ಪಿಸಲಾಗಿತ್ತು.
೫ನೇ ಹಂತದ ಮತದಾನ
ಲೋಕಸಭಾ ಚುನಾವಣೆಯ ಐದನೇ ಹಂತದಲ್ಲಿ ನಾಳೆ ೪೯ ಕ್ಷೇತ್ರಗಳಲ್ಲಿ ಮತದಾನ ನಡೆಯಲಿದೆ.
ದೇವೇಗೌಡ ಹುಟ್ಟುಹಬ್ಬ
ಮಾಜಿ ಪ್ರಧಾನಮಂತ್ರಿ ಎಚ್.ಡಿ. ದೇವೇಗೌಡರ ೯೨ನೇ ಹುಟ್ಟುಹಬ್ಬವನ್ನು ಕುಟುಂಬದವರು ಸರಳವಾಗಿ ಆಚರಿಸಲಾಯಿತು.
